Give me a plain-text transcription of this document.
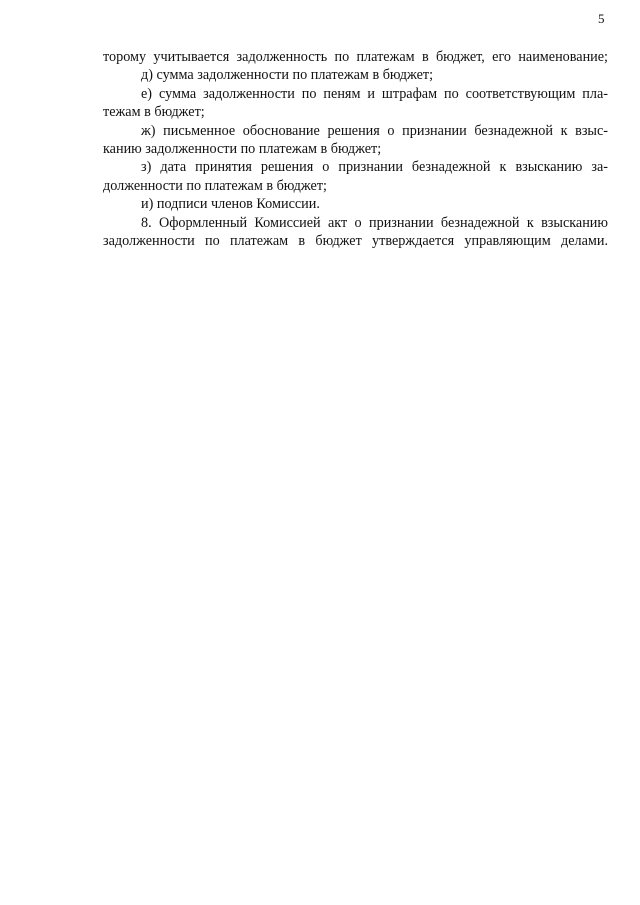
5
торому учитывается задолженность по платежам в бюджет, его наименование;
д) сумма задолженности по платежам в бюджет;
е) сумма задолженности по пеням и штрафам по соответствующим пла-
тежам в бюджет;
ж) письменное обоснование решения о признании безнадежной к взыс-
канию задолженности по платежам в бюджет;
з) дата принятия решения о признании безнадежной к взысканию за-
долженности по платежам в бюджет;
и) подписи членов Комиссии.
8. Оформленный Комиссией акт о признании безнадежной к взысканию
задолженности по платежам в бюджет утверждается управляющим делами.
